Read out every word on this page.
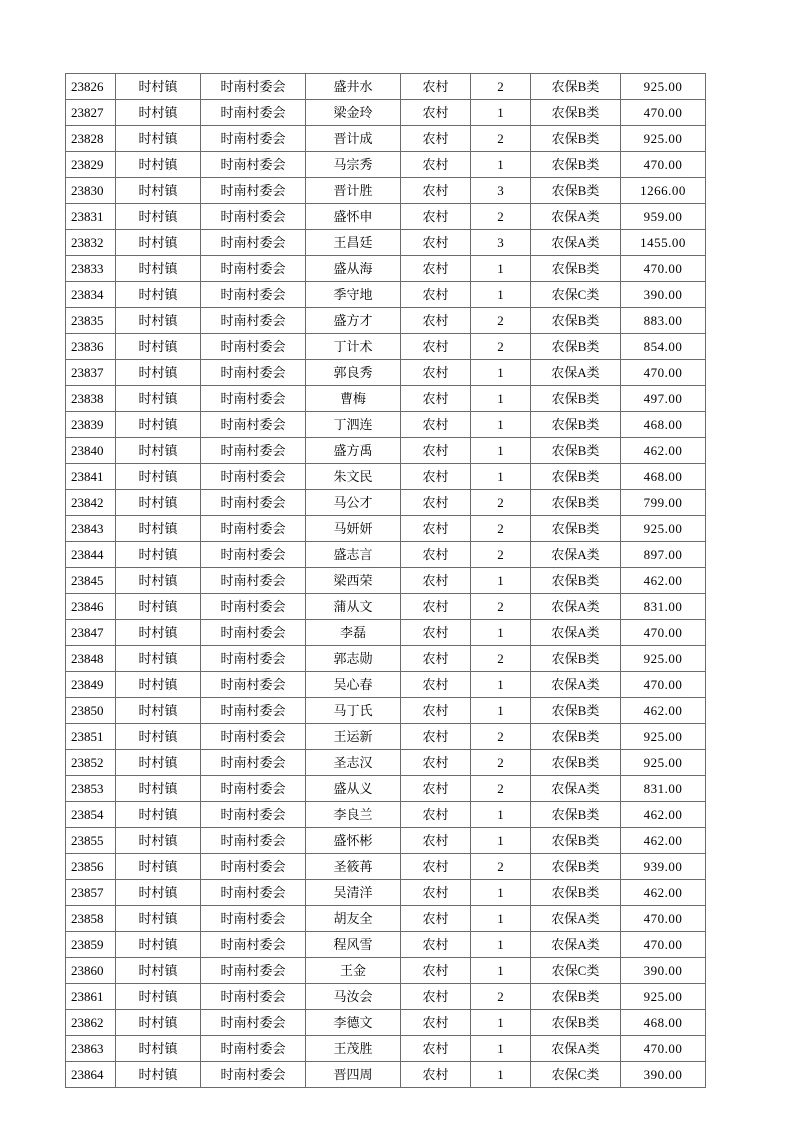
23826	时村镇	时南村委会	盛井水	农村	2	农保B类	925.00
23827	时村镇	时南村委会	梁金玲	农村	1	农保B类	470.00
23828	时村镇	时南村委会	晋计成	农村	2	农保B类	925.00
23829	时村镇	时南村委会	马宗秀	农村	1	农保B类	470.00
23830	时村镇	时南村委会	晋计胜	农村	3	农保B类	1266.00
23831	时村镇	时南村委会	盛怀申	农村	2	农保A类	959.00
23832	时村镇	时南村委会	王昌廷	农村	3	农保A类	1455.00
23833	时村镇	时南村委会	盛从海	农村	1	农保B类	470.00
23834	时村镇	时南村委会	季守地	农村	1	农保C类	390.00
23835	时村镇	时南村委会	盛方才	农村	2	农保B类	883.00
23836	时村镇	时南村委会	丁计术	农村	2	农保B类	854.00
23837	时村镇	时南村委会	郭良秀	农村	1	农保A类	470.00
23838	时村镇	时南村委会	曹梅	农村	1	农保B类	497.00
23839	时村镇	时南村委会	丁泗连	农村	1	农保B类	468.00
23840	时村镇	时南村委会	盛方禹	农村	1	农保B类	462.00
23841	时村镇	时南村委会	朱文民	农村	1	农保B类	468.00
23842	时村镇	时南村委会	马公才	农村	2	农保B类	799.00
23843	时村镇	时南村委会	马妍妍	农村	2	农保B类	925.00
23844	时村镇	时南村委会	盛志言	农村	2	农保A类	897.00
23845	时村镇	时南村委会	梁西荣	农村	1	农保B类	462.00
23846	时村镇	时南村委会	蒲从文	农村	2	农保A类	831.00
23847	时村镇	时南村委会	李磊	农村	1	农保A类	470.00
23848	时村镇	时南村委会	郭志勋	农村	2	农保B类	925.00
23849	时村镇	时南村委会	吴心春	农村	1	农保A类	470.00
23850	时村镇	时南村委会	马丁氏	农村	1	农保B类	462.00
23851	时村镇	时南村委会	王运新	农村	2	农保B类	925.00
23852	时村镇	时南村委会	圣志汉	农村	2	农保B类	925.00
23853	时村镇	时南村委会	盛从义	农村	2	农保A类	831.00
23854	时村镇	时南村委会	李良兰	农村	1	农保B类	462.00
23855	时村镇	时南村委会	盛怀彬	农村	1	农保B类	462.00
23856	时村镇	时南村委会	圣筱苒	农村	2	农保B类	939.00
23857	时村镇	时南村委会	吴清洋	农村	1	农保B类	462.00
23858	时村镇	时南村委会	胡友全	农村	1	农保A类	470.00
23859	时村镇	时南村委会	程风雪	农村	1	农保A类	470.00
23860	时村镇	时南村委会	王金	农村	1	农保C类	390.00
23861	时村镇	时南村委会	马汝会	农村	2	农保B类	925.00
23862	时村镇	时南村委会	李德文	农村	1	农保B类	468.00
23863	时村镇	时南村委会	王茂胜	农村	1	农保A类	470.00
23864	时村镇	时南村委会	晋四周	农村	1	农保C类	390.00
